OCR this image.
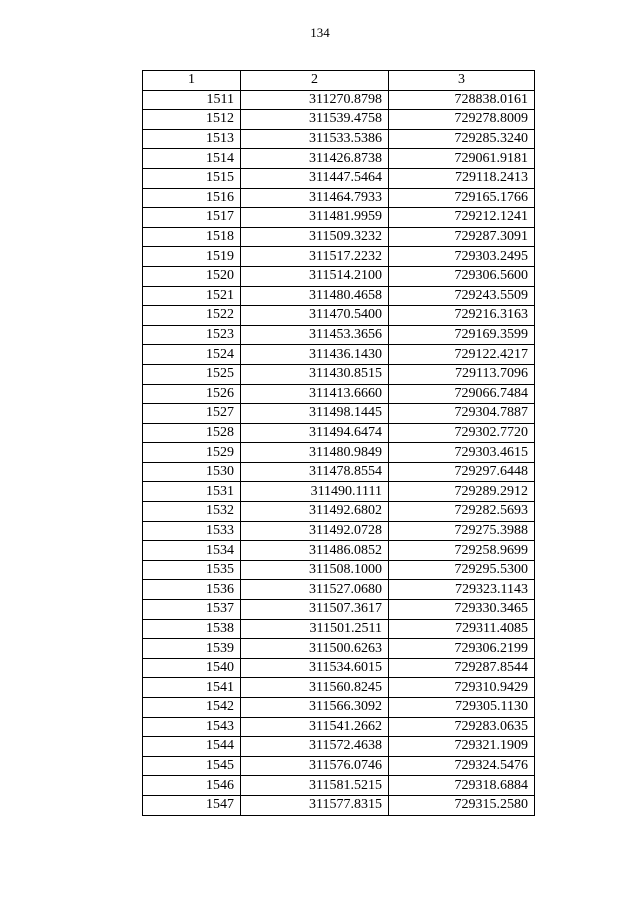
134
1	2	3
1511	311270.8798	728838.0161
1512	311539.4758	729278.8009
1513	311533.5386	729285.3240
1514	311426.8738	729061.9181
1515	311447.5464	729118.2413
1516	311464.7933	729165.1766
1517	311481.9959	729212.1241
1518	311509.3232	729287.3091
1519	311517.2232	729303.2495
1520	311514.2100	729306.5600
1521	311480.4658	729243.5509
1522	311470.5400	729216.3163
1523	311453.3656	729169.3599
1524	311436.1430	729122.4217
1525	311430.8515	729113.7096
1526	311413.6660	729066.7484
1527	311498.1445	729304.7887
1528	311494.6474	729302.7720
1529	311480.9849	729303.4615
1530	311478.8554	729297.6448
1531	311490.1111	729289.2912
1532	311492.6802	729282.5693
1533	311492.0728	729275.3988
1534	311486.0852	729258.9699
1535	311508.1000	729295.5300
1536	311527.0680	729323.1143
1537	311507.3617	729330.3465
1538	311501.2511	729311.4085
1539	311500.6263	729306.2199
1540	311534.6015	729287.8544
1541	311560.8245	729310.9429
1542	311566.3092	729305.1130
1543	311541.2662	729283.0635
1544	311572.4638	729321.1909
1545	311576.0746	729324.5476
1546	311581.5215	729318.6884
1547	311577.8315	729315.2580
